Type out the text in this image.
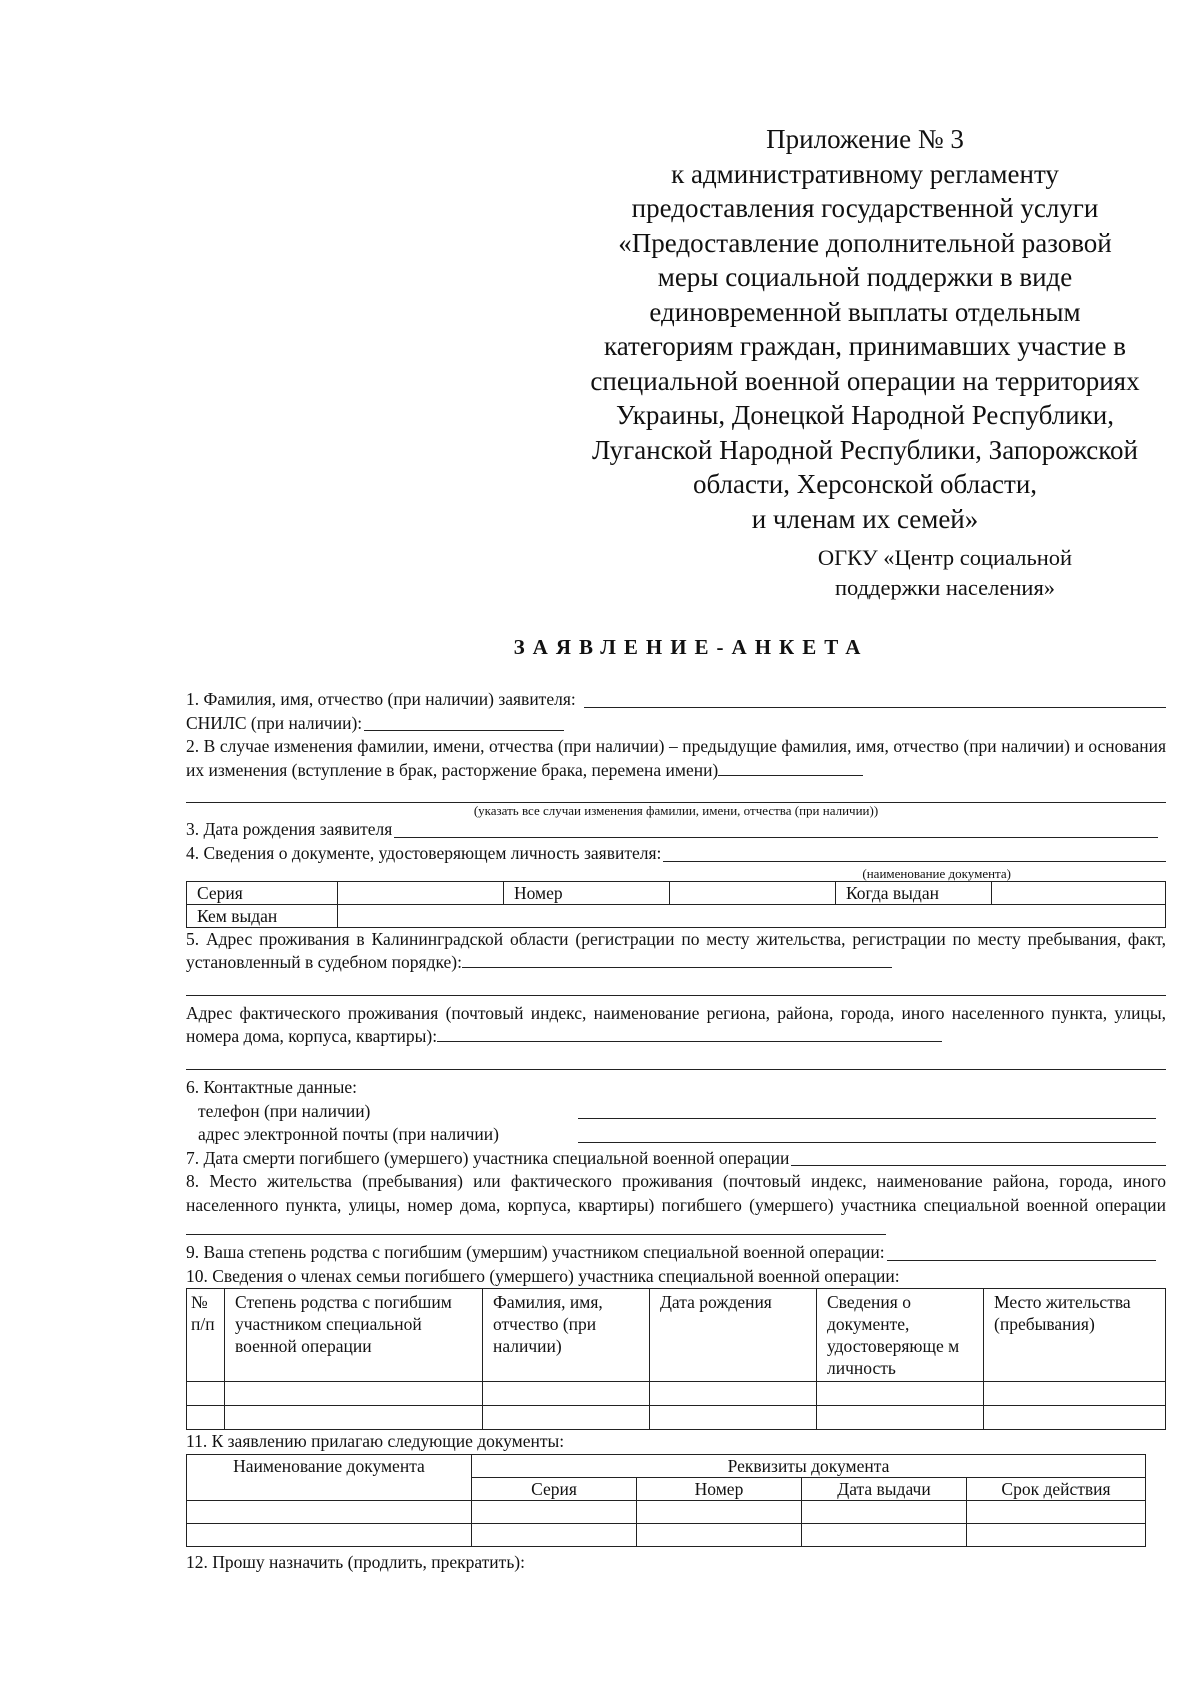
Приложение № 3
к административному регламенту
предоставления государственной услуги
«Предоставление дополнительной разовой
меры социальной поддержки в виде
единовременной выплаты отдельным
категориям граждан, принимавших участие в
специальной военной операции на территориях
Украины, Донецкой Народной Республики,
Луганской Народной Республики, Запорожской
области, Херсонской области,
и членам их семей»
ОГКУ «Центр социальной
поддержки населения»
ЗАЯВЛЕНИЕ-АНКЕТА
1. Фамилия, имя, отчество (при наличии) заявителя:
СНИЛС (при наличии):

2. В случае изменения фамилии, имени, отчества (при наличии) – предыдущие фамилия, имя, отчество (при наличии) и основания их изменения (вступление в брак, расторжение брака, перемена имени)

(указать все случаи изменения фамилии, имени, отчества (при наличии))
3. Дата рождения заявителя
4. Сведения о документе, удостоверяющем личность заявителя:
(наименование документа)
Серия		Номер		Когда выдан	
Кем выдан					

5. Адрес проживания в Калининградской области (регистрации по месту жительства, регистрации по месту пребывания, факт, установленный в судебном порядке):

Адрес фактического проживания (почтовый индекс, наименование региона, района, города, иного населенного пункта, улицы, номера дома, корпуса, квартиры):

6. Контактные данные:

телефон (при наличии)
адрес электронной почты (при наличии)
7. Дата смерти погибшего (умершего) участника специальной военной операции

8. Место жительства (пребывания) или фактического проживания (почтовый индекс, наименование района, города, иного населенного пункта, улицы, номер дома, корпуса, квартиры) погибшего (умершего) участника специальной военной операции

9. Ваша степень родства с погибшим (умершим) участником специальной военной операции:

10. Сведения о членах семьи погибшего (умершего) участника специальной военной операции:

№ п/п	Степень родства с погибшим участником специальной военной операции	Фамилия, имя, отчество (при наличии)	Дата рождения	Сведения о документе, удостоверяюще м личность	Место жительства (пребывания)

11. К заявлению прилагаю следующие документы:

Наименование документа	Реквизиты документа			
	Серия	Номер	Дата выдачи	Срок действия

12. Прошу назначить (продлить, прекратить):
